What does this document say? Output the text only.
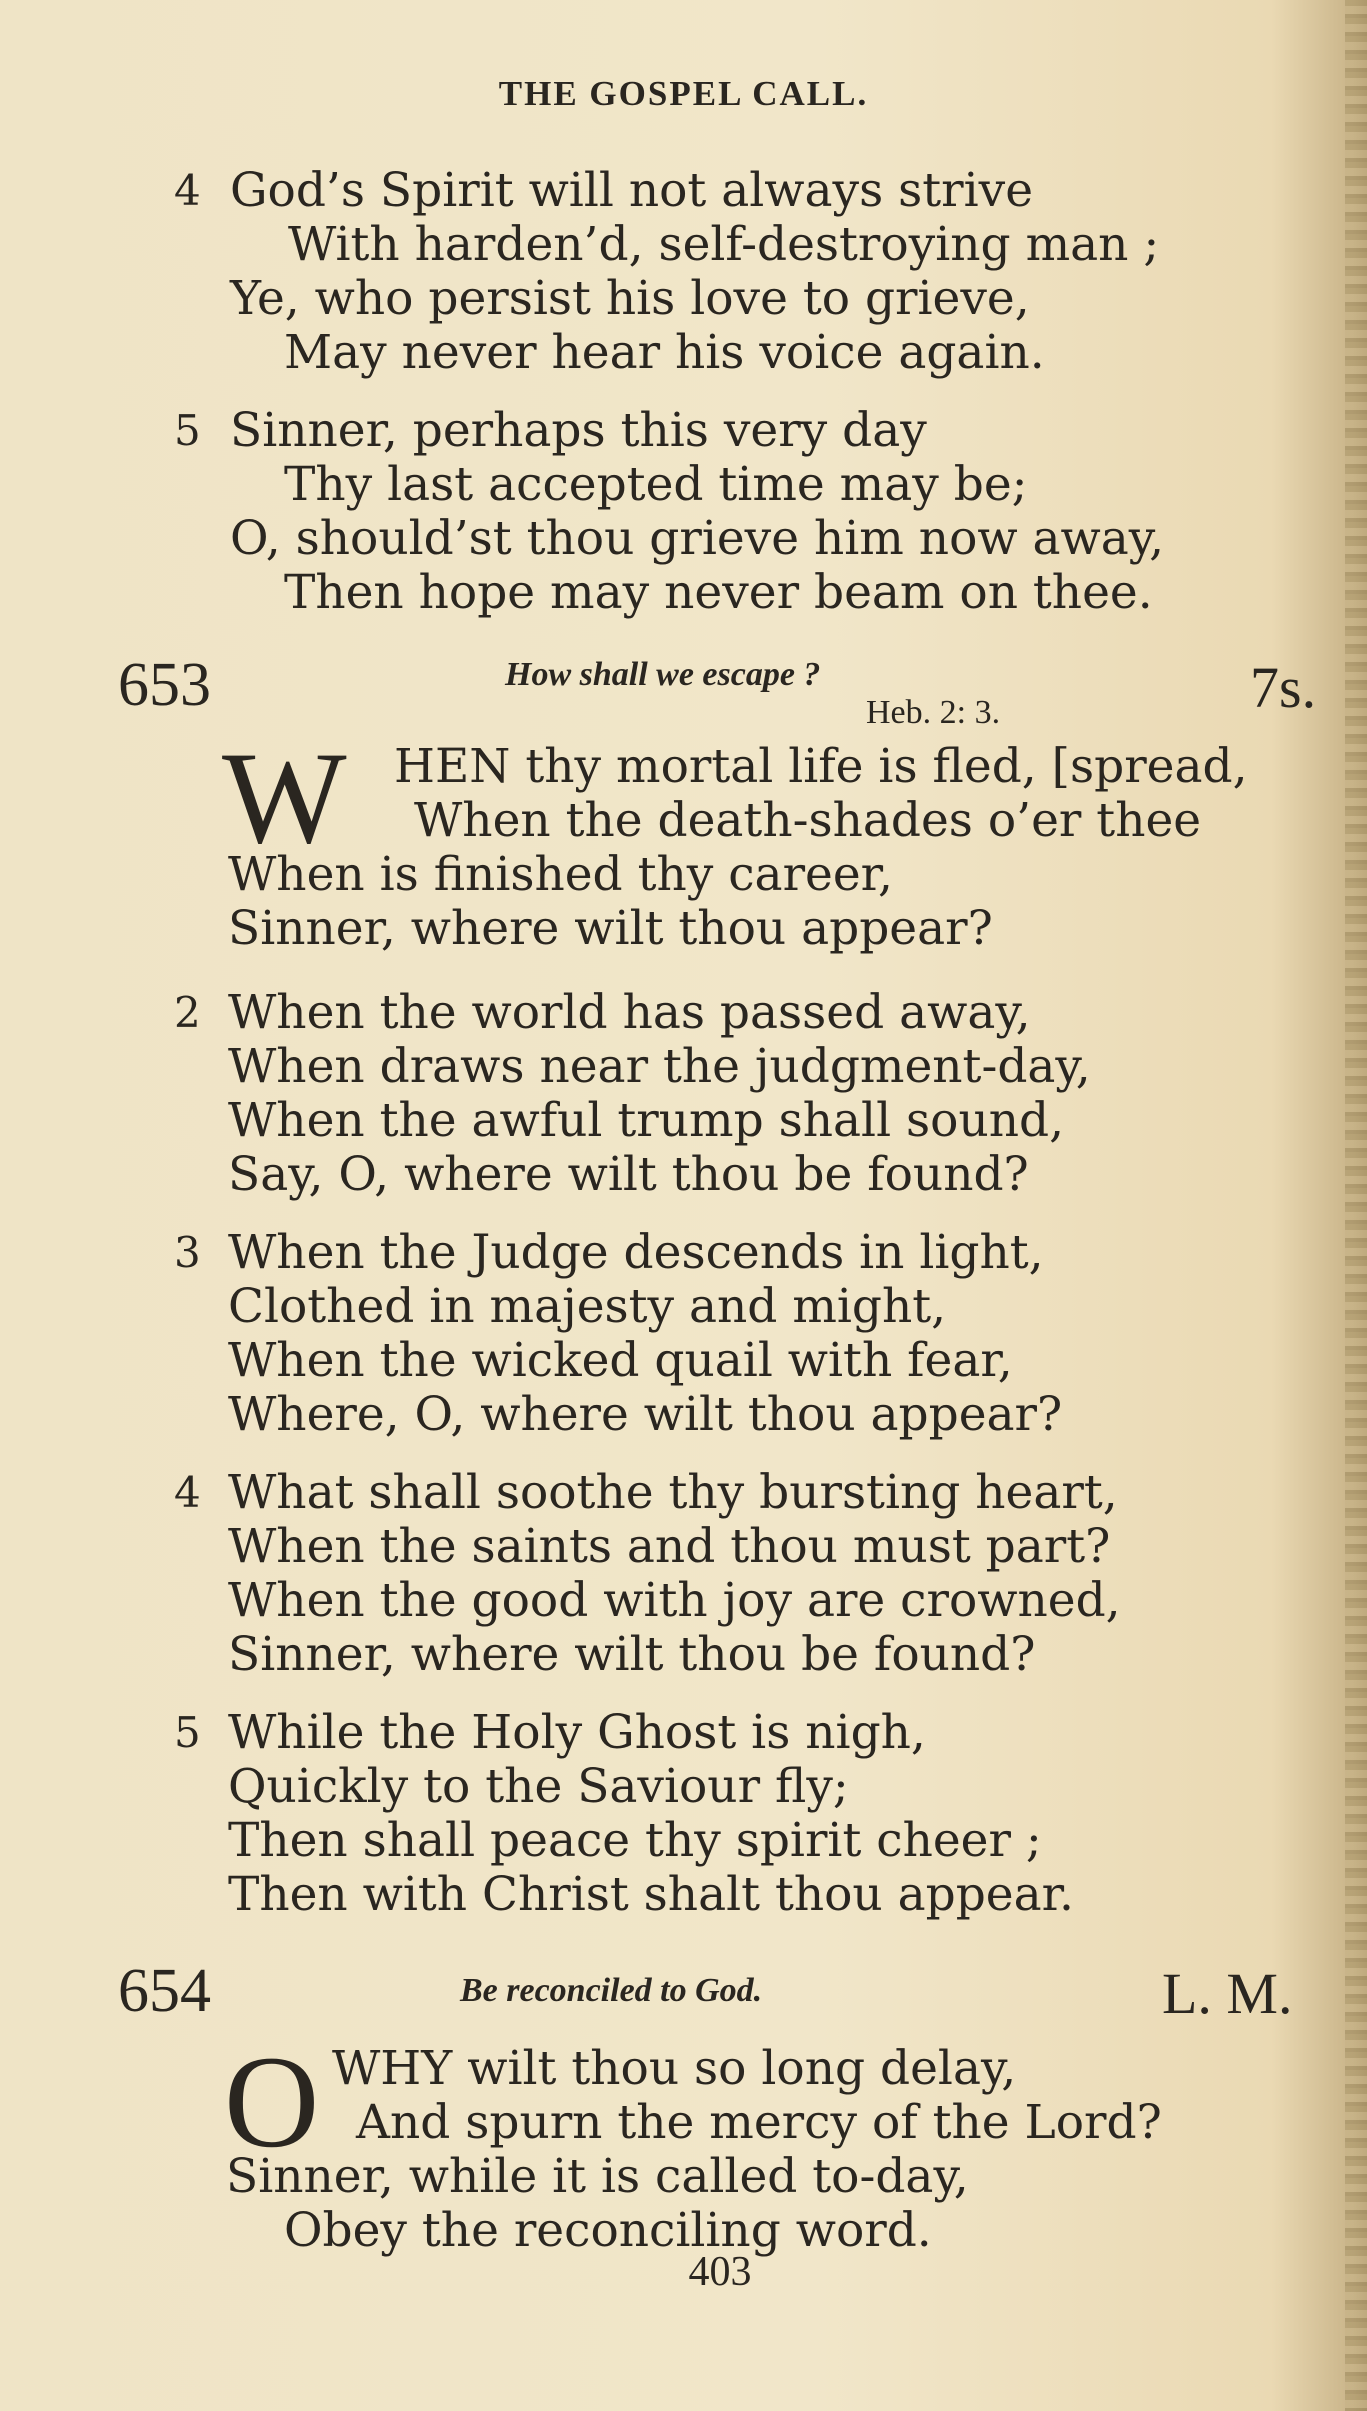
THE GOSPEL CALL.
4 God’s Spirit will not always strive
With harden’d, self-destroying man ;
Ye, who persist his love to grieve,
May never hear his voice again.
5 Sinner, perhaps this very day
Thy last accepted time may be;
O, should’st thou grieve him now away,
Then hope may never beam on thee.
653	How shall we escape ?
Heb. 2: 3.	7s.
W HEN thy mortal life is fled, [spread,
When the death-shades o’er thee
When is finished thy career,
Sinner, where wilt thou appear?
2 When the world has passed away,
When draws near the judgment-day,
When the awful trump shall sound,
Say, O, where wilt thou be found?
3 When the Judge descends in light,
Clothed in majesty and might,
When the wicked quail with fear,
Where, O, where wilt thou appear?
4 What shall soothe thy bursting heart,
When the saints and thou must part?
When the good with joy are crowned,
Sinner, where wilt thou be found?
5 While the Holy Ghost is nigh,
Quickly to the Saviour fly;
Then shall peace thy spirit cheer ;
Then with Christ shalt thou appear.
654	Be reconciled to God.	L. M.
O WHY wilt thou so long delay,
And spurn the mercy of the Lord?
Sinner, while it is called to-day,
Obey the reconciling word.
403
